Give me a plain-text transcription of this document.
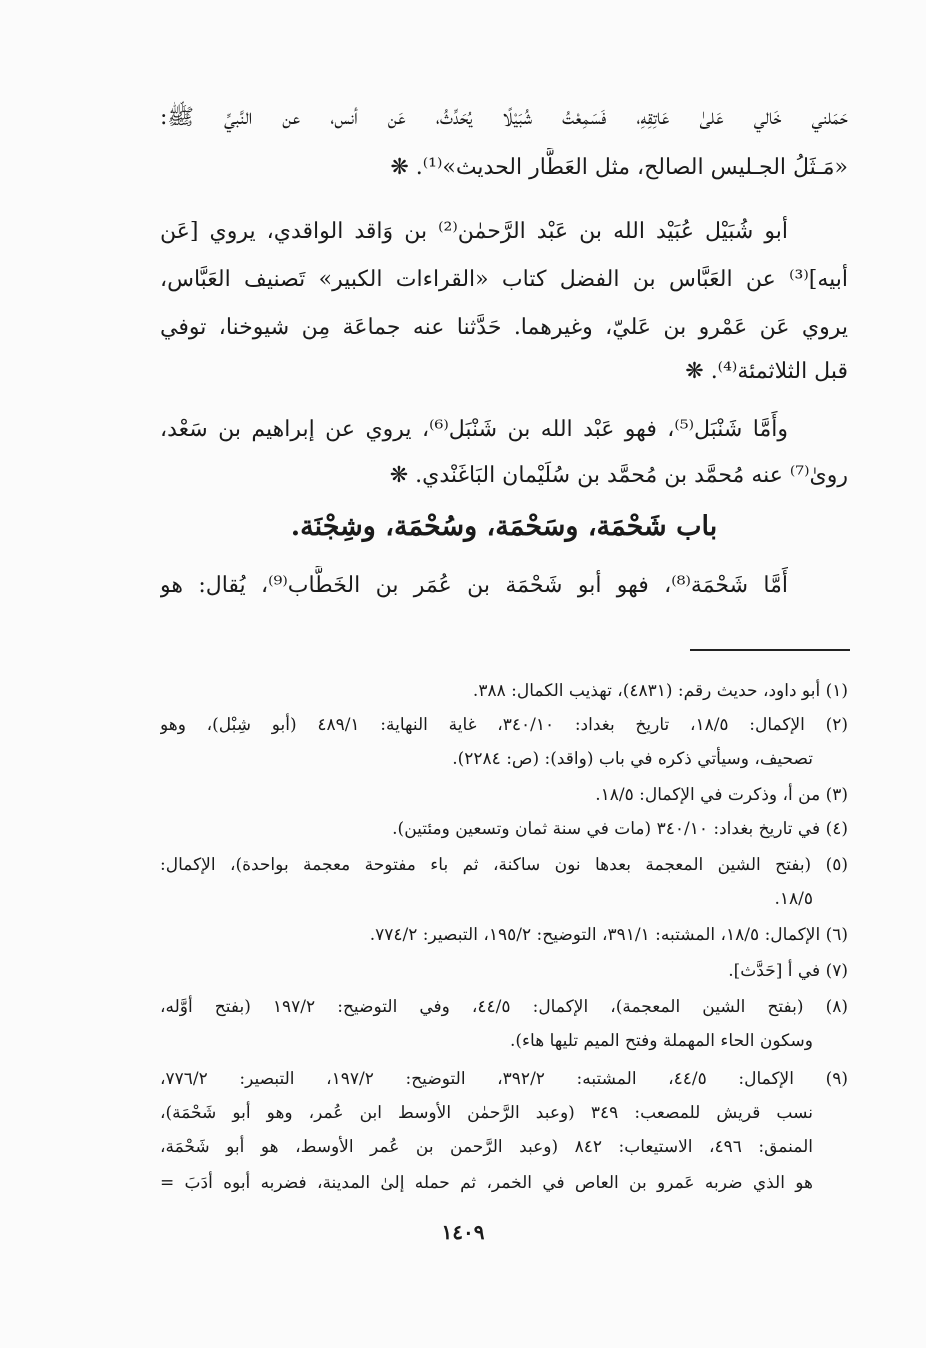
حَمَلني خَالي عَلىٰ عَاتِقِهِ، فَسَمِعْتُ شُبَيْلًا يُحَدِّثُ، عَن أنس، عن النَّبيِّ ﷺ:
«مَـثَلُ الجـليس الصالح، مثل العَطَّار الحديث»⁽¹⁾. ❋
أبو شُبَيْل عُبَيْد الله بن عَبْد الرَّحمٰن⁽²⁾ بن وَاقد الواقدي، يروي [عَن
أبيه]⁽³⁾ عن العَبَّاس بن الفضل كتاب «القراءات الكبير» تَصنيف العَبَّاس،
يروي عَن عَمْرو بن عَليّ، وغيرهما. حَدَّثنا عنه جماعَة مِن شيوخنا، توفي
قبل الثلاثمئة⁽⁴⁾. ❋
وأَمَّا شَنْبَل⁽⁵⁾، فهو عَبْد الله بن شَنْبَل⁽⁶⁾، يروي عن إبراهيم بن سَعْد،
روىٰ⁽⁷⁾ عنه مُحمَّد بن مُحمَّد بن سُلَيْمان البَاغَنْدي. ❋
باب شَحْمَة، وسَحْمَة، وسُحْمَة، وشِجْنَة.
أَمَّا شَحْمَة⁽⁸⁾، فهو أبو شَحْمَة بن عُمَر بن الخَطَّاب⁽⁹⁾، يُقال: هو
(١) أبو داود، حديث رقم: (٤٨٣١)، تهذيب الكمال: ٣٨٨.
(٢) الإكمال: ١٨/٥، تاريخ بغداد: ٣٤٠/١٠، غاية النهاية: ٤٨٩/١ (أبو شِبْل)، وهو
تصحيف، وسيأتي ذكره في باب (واقد): (ص: ٢٢٨٤).
(٣) من أ، وذكرت في الإكمال: ١٨/٥.
(٤) في تاريخ بغداد: ٣٤٠/١٠ (مات في سنة ثمان وتسعين ومئتين).
(٥) (بفتح الشين المعجمة بعدها نون ساكنة، ثم باء مفتوحة معجمة بواحدة)، الإكمال:
١٨/٥.
(٦) الإكمال: ١٨/٥، المشتبه: ٣٩١/١، التوضيح: ١٩٥/٢، التبصير: ٧٧٤/٢.
(٧) في أ [حَدَّث].
(٨) (بفتح الشين المعجمة)، الإكمال: ٤٤/٥، وفي التوضيح: ١٩٧/٢ (بفتح أوَّله،
وسكون الحاء المهملة وفتح الميم تليها هاء).
(٩) الإكمال: ٤٤/٥، المشتبه: ٣٩٢/٢، التوضيح: ١٩٧/٢، التبصير: ٧٧٦/٢،
نسب قريش للمصعب: ٣٤٩ (وعبد الرَّحمٰن الأوسط ابن عُمر، وهو أبو شَحْمَة)،
المنمق: ٤٩٦، الاستيعاب: ٨٤٢ (وعبد الرَّحمن بن عُمر الأوسط، هو أبو شَحْمَة،
هو الذي ضربه عَمرو بن العاص في الخمر، ثم حمله إلىٰ المدينة، فضربه أبوه أدَبَ =
١٤٠٩
